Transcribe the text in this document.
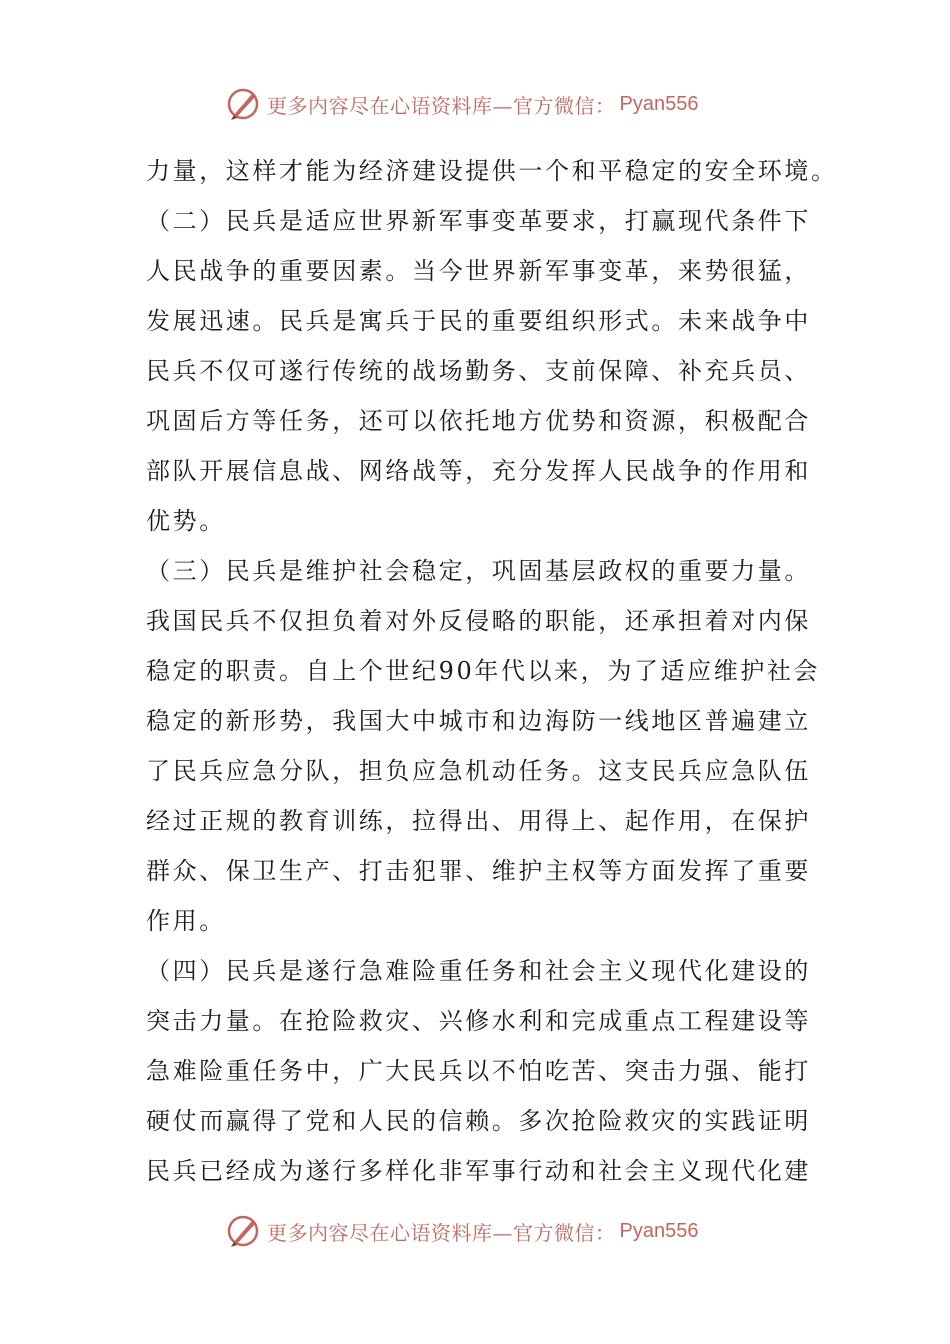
更多内容尽在心语资料库—官方微信： Pyan556
力量，这样才能为经济建设提供一个和平稳定的安全环境。
（二）民兵是适应世界新军事变革要求，打赢现代条件下
人民战争的重要因素。当今世界新军事变革，来势很猛，
发展迅速。民兵是寓兵于民的重要组织形式。未来战争中
民兵不仅可遂行传统的战场勤务、支前保障、补充兵员、
巩固后方等任务，还可以依托地方优势和资源，积极配合
部队开展信息战、网络战等，充分发挥人民战争的作用和
优势。
（三）民兵是维护社会稳定，巩固基层政权的重要力量。
我国民兵不仅担负着对外反侵略的职能，还承担着对内保
稳定的职责。自上个世纪90年代以来，为了适应维护社会
稳定的新形势，我国大中城市和边海防一线地区普遍建立
了民兵应急分队，担负应急机动任务。这支民兵应急队伍
经过正规的教育训练，拉得出、用得上、起作用，在保护
群众、保卫生产、打击犯罪、维护主权等方面发挥了重要
作用。
（四）民兵是遂行急难险重任务和社会主义现代化建设的
突击力量。在抢险救灾、兴修水利和完成重点工程建设等
急难险重任务中，广大民兵以不怕吃苦、突击力强、能打
硬仗而赢得了党和人民的信赖。多次抢险救灾的实践证明
民兵已经成为遂行多样化非军事行动和社会主义现代化建
更多内容尽在心语资料库—官方微信： Pyan556
